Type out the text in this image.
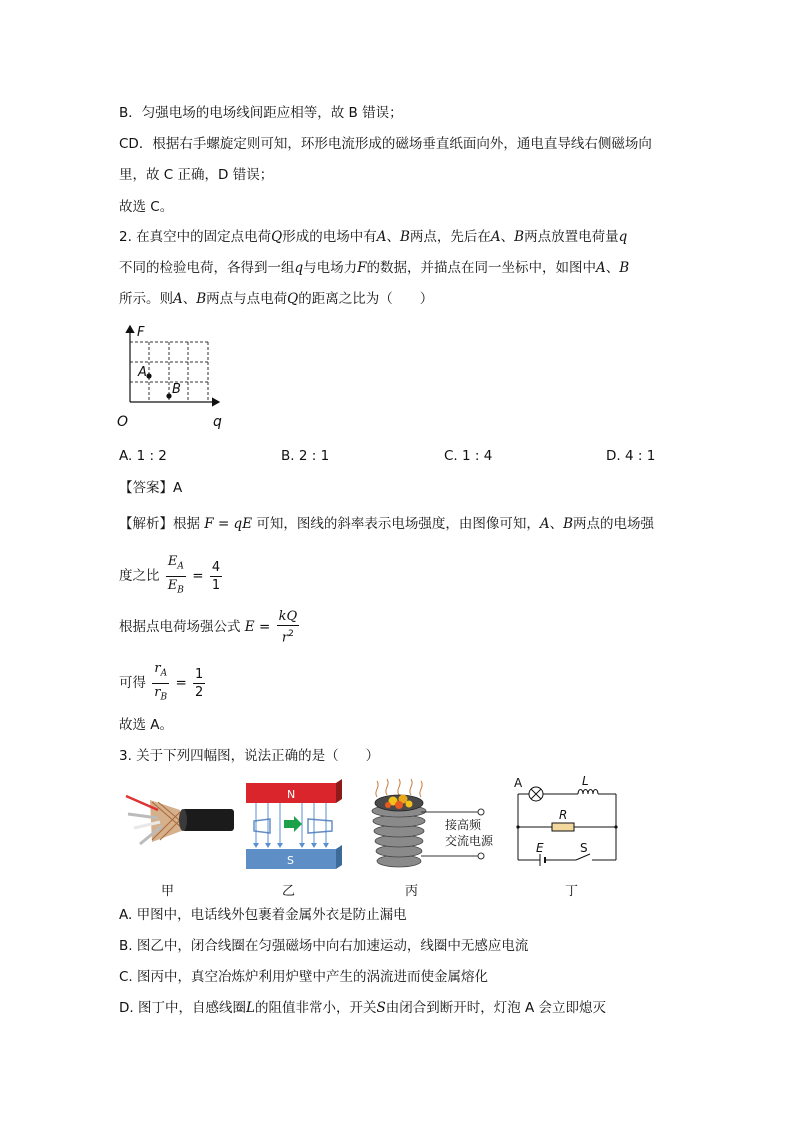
B．匀强电场的电场线间距应相等，故 B 错误；
CD．根据右手螺旋定则可知，环形电流形成的磁场垂直纸面向外，通电直导线右侧磁场向
里，故 C 正确，D 错误；
故选 C。
2. 在真空中的固定点电荷Q形成的电场中有A、B两点，先后在A、B两点放置电荷量q
不同的检验电荷，各得到一组q与电场力F的数据，并描点在同一坐标中，如图中A、B
所示。则A、B两点与点电荷Q的距离之比为（　　）
F
q
O
A
B
A. 1 : 2	B. 2 : 1	C. 1 : 4	D. 4 : 1
【答案】A
【解析】根据 F = qE 可知，图线的斜率表示电场强度，由图像可知，A、B两点的电场强
度之比 $\frac{E_A}{E_B} = \frac{4}{1}$
根据点电荷场强公式 $E = \frac{kQ}{r^2}$
可得 $\frac{r_A}{r_B} = \frac{1}{2}$
故选 A。
3. 关于下列四幅图，说法正确的是（　　）
甲
N
S
乙
接高频
交流电源
丙
A	L
R
E	S
丁
A. 甲图中，电话线外包裹着金属外衣是防止漏电
B. 图乙中，闭合线圈在匀强磁场中向右加速运动，线圈中无感应电流
C. 图丙中，真空冶炼炉利用炉壁中产生的涡流进而使金属熔化
D. 图丁中，自感线圈L的阻值非常小，开关S由闭合到断开时，灯泡 A 会立即熄灭
